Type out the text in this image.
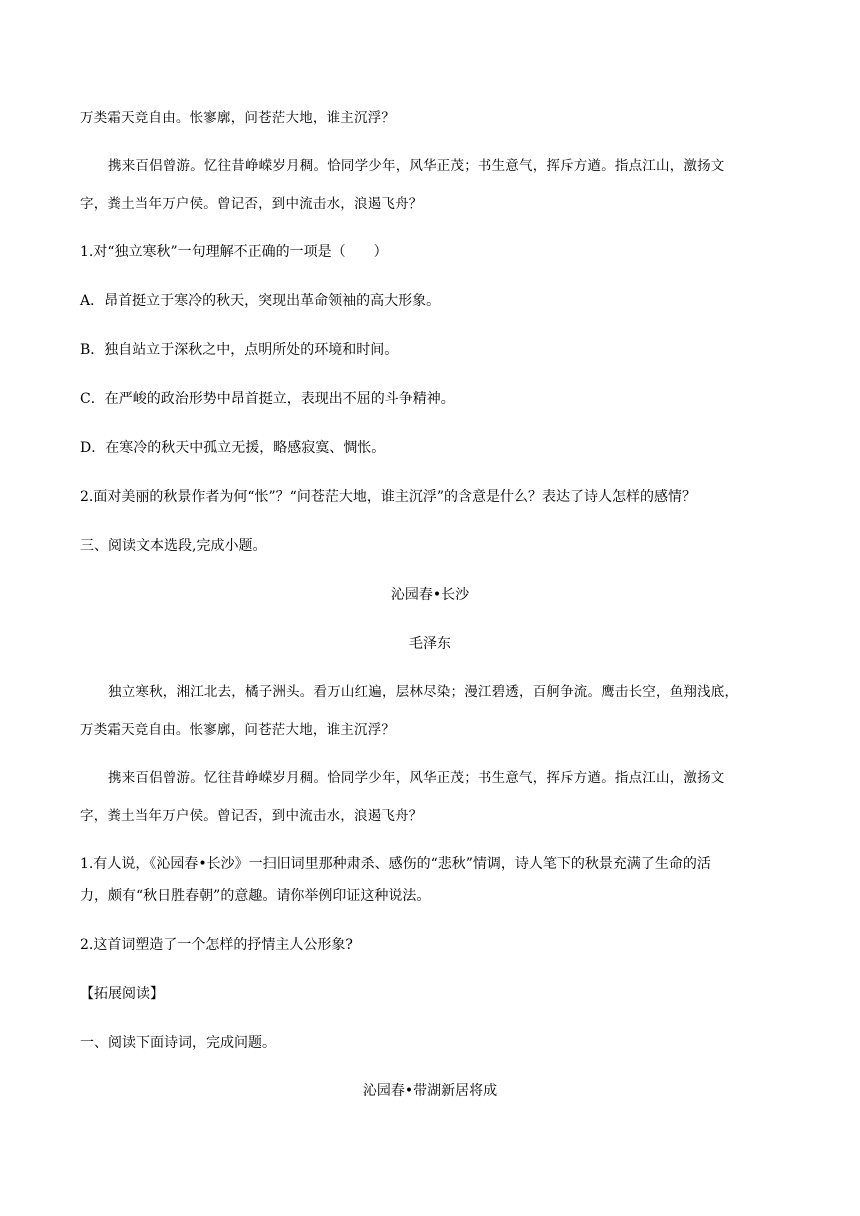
万类霜天竞自由。怅寥廓，问苍茫大地，谁主沉浮？
携来百侣曾游。忆往昔峥嵘岁月稠。恰同学少年，风华正茂；书生意气，挥斥方遒。指点江山，激扬文
字，粪土当年万户侯。曾记否，到中流击水，浪遏飞舟？
1.对“独立寒秋”一句理解不正确的一项是（　　）
A．昂首挺立于寒冷的秋天，突现出革命领袖的高大形象。
B．独自站立于深秋之中，点明所处的环境和时间。
C．在严峻的政治形势中昂首挺立，表现出不屈的斗争精神。
D．在寒冷的秋天中孤立无援，略感寂寞、惆怅。
2.面对美丽的秋景作者为何“怅”？“问苍茫大地，谁主沉浮”的含意是什么？表达了诗人怎样的感情？
三、阅读文本选段,完成小题。
沁园春•长沙
毛泽东
独立寒秋，湘江北去，橘子洲头。看万山红遍，层林尽染；漫江碧透，百舸争流。鹰击长空，鱼翔浅底，
万类霜天竞自由。怅寥廓，问苍茫大地，谁主沉浮？
携来百侣曾游。忆往昔峥嵘岁月稠。恰同学少年，风华正茂；书生意气，挥斥方遒。指点江山，激扬文
字，粪土当年万户侯。曾记否，到中流击水，浪遏飞舟？
1.有人说，《沁园春•长沙》一扫旧词里那种肃杀、感伤的“悲秋”情调，诗人笔下的秋景充满了生命的活
力，颇有“秋日胜春朝”的意趣。请你举例印证这种说法。
2.这首词塑造了一个怎样的抒情主人公形象?
【拓展阅读】
一、阅读下面诗词，完成问题。
沁园春•带湖新居将成
